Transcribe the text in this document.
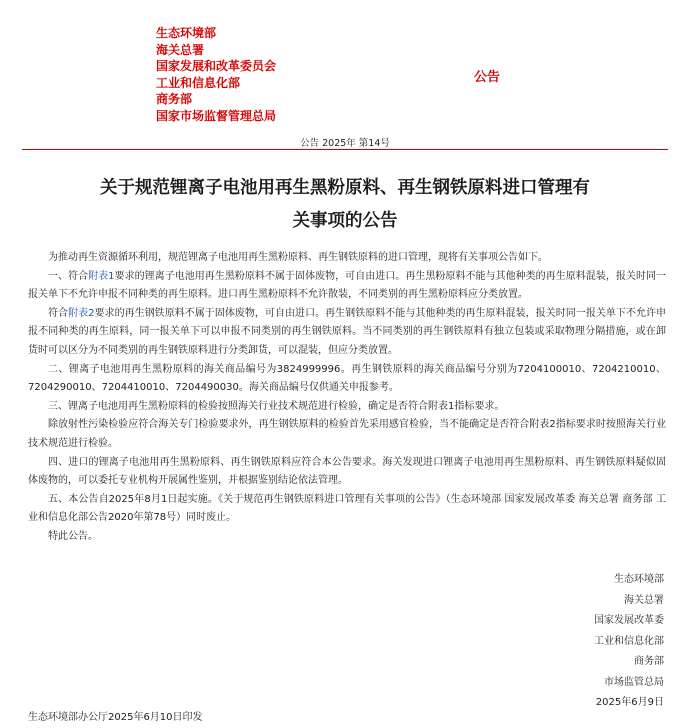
生态环境部
海关总署
国家发展和改革委员会
工业和信息化部
商务部
国家市场监督管理总局
公告
公告 2025年 第14号
关于规范锂离子电池用再生黑粉原料、再生钢铁原料进口管理有
关事项的公告

为推动再生资源循环利用，规范锂离子电池用再生黑粉原料、再生钢铁原料的进口管理，现将有关事项公告如下。

一、符合附表1要求的锂离子电池用再生黑粉原料不属于固体废物，可自由进口。再生黑粉原料不能与其他种类的再生原料混装，报关时同一报关单下不允许申报不同种类的再生原料。进口再生黑粉原料不允许散装，不同类别的再生黑粉原料应分类放置。

符合附表2要求的再生钢铁原料不属于固体废物，可自由进口。再生钢铁原料不能与其他种类的再生原料混装，报关时同一报关单下不允许申报不同种类的再生原料，同一报关单下可以申报不同类别的再生钢铁原料。当不同类别的再生钢铁原料有独立包装或采取物理分隔措施，或在卸货时可以区分为不同类别的再生钢铁原料进行分类卸货，可以混装，但应分类放置。

二、锂离子电池用再生黑粉原料的海关商品编号为3824999996。再生钢铁原料的海关商品编号分别为7204100010、7204210010、7204290010、7204410010、7204490030。海关商品编号仅供通关申报参考。

三、锂离子电池用再生黑粉原料的检验按照海关行业技术规范进行检验，确定是否符合附表1指标要求。

除放射性污染检验应符合海关专门检验要求外，再生钢铁原料的检验首先采用感官检验，当不能确定是否符合附表2指标要求时按照海关行业技术规范进行检验。

四、进口的锂离子电池用再生黑粉原料、再生钢铁原料应符合本公告要求。海关发现进口锂离子电池用再生黑粉原料、再生钢铁原料疑似固体废物的，可以委托专业机构开展属性鉴别，并根据鉴别结论依法管理。

五、本公告自2025年8月1日起实施。《关于规范再生钢铁原料进口管理有关事项的公告》（生态环境部 国家发展改革委 海关总署 商务部 工业和信息化部公告2020年第78号）同时废止。

特此公告。

生态环境部
海关总署
国家发展改革委
工业和信息化部
商务部
市场监管总局
2025年6月9日
生态环境部办公厅2025年6月10日印发
